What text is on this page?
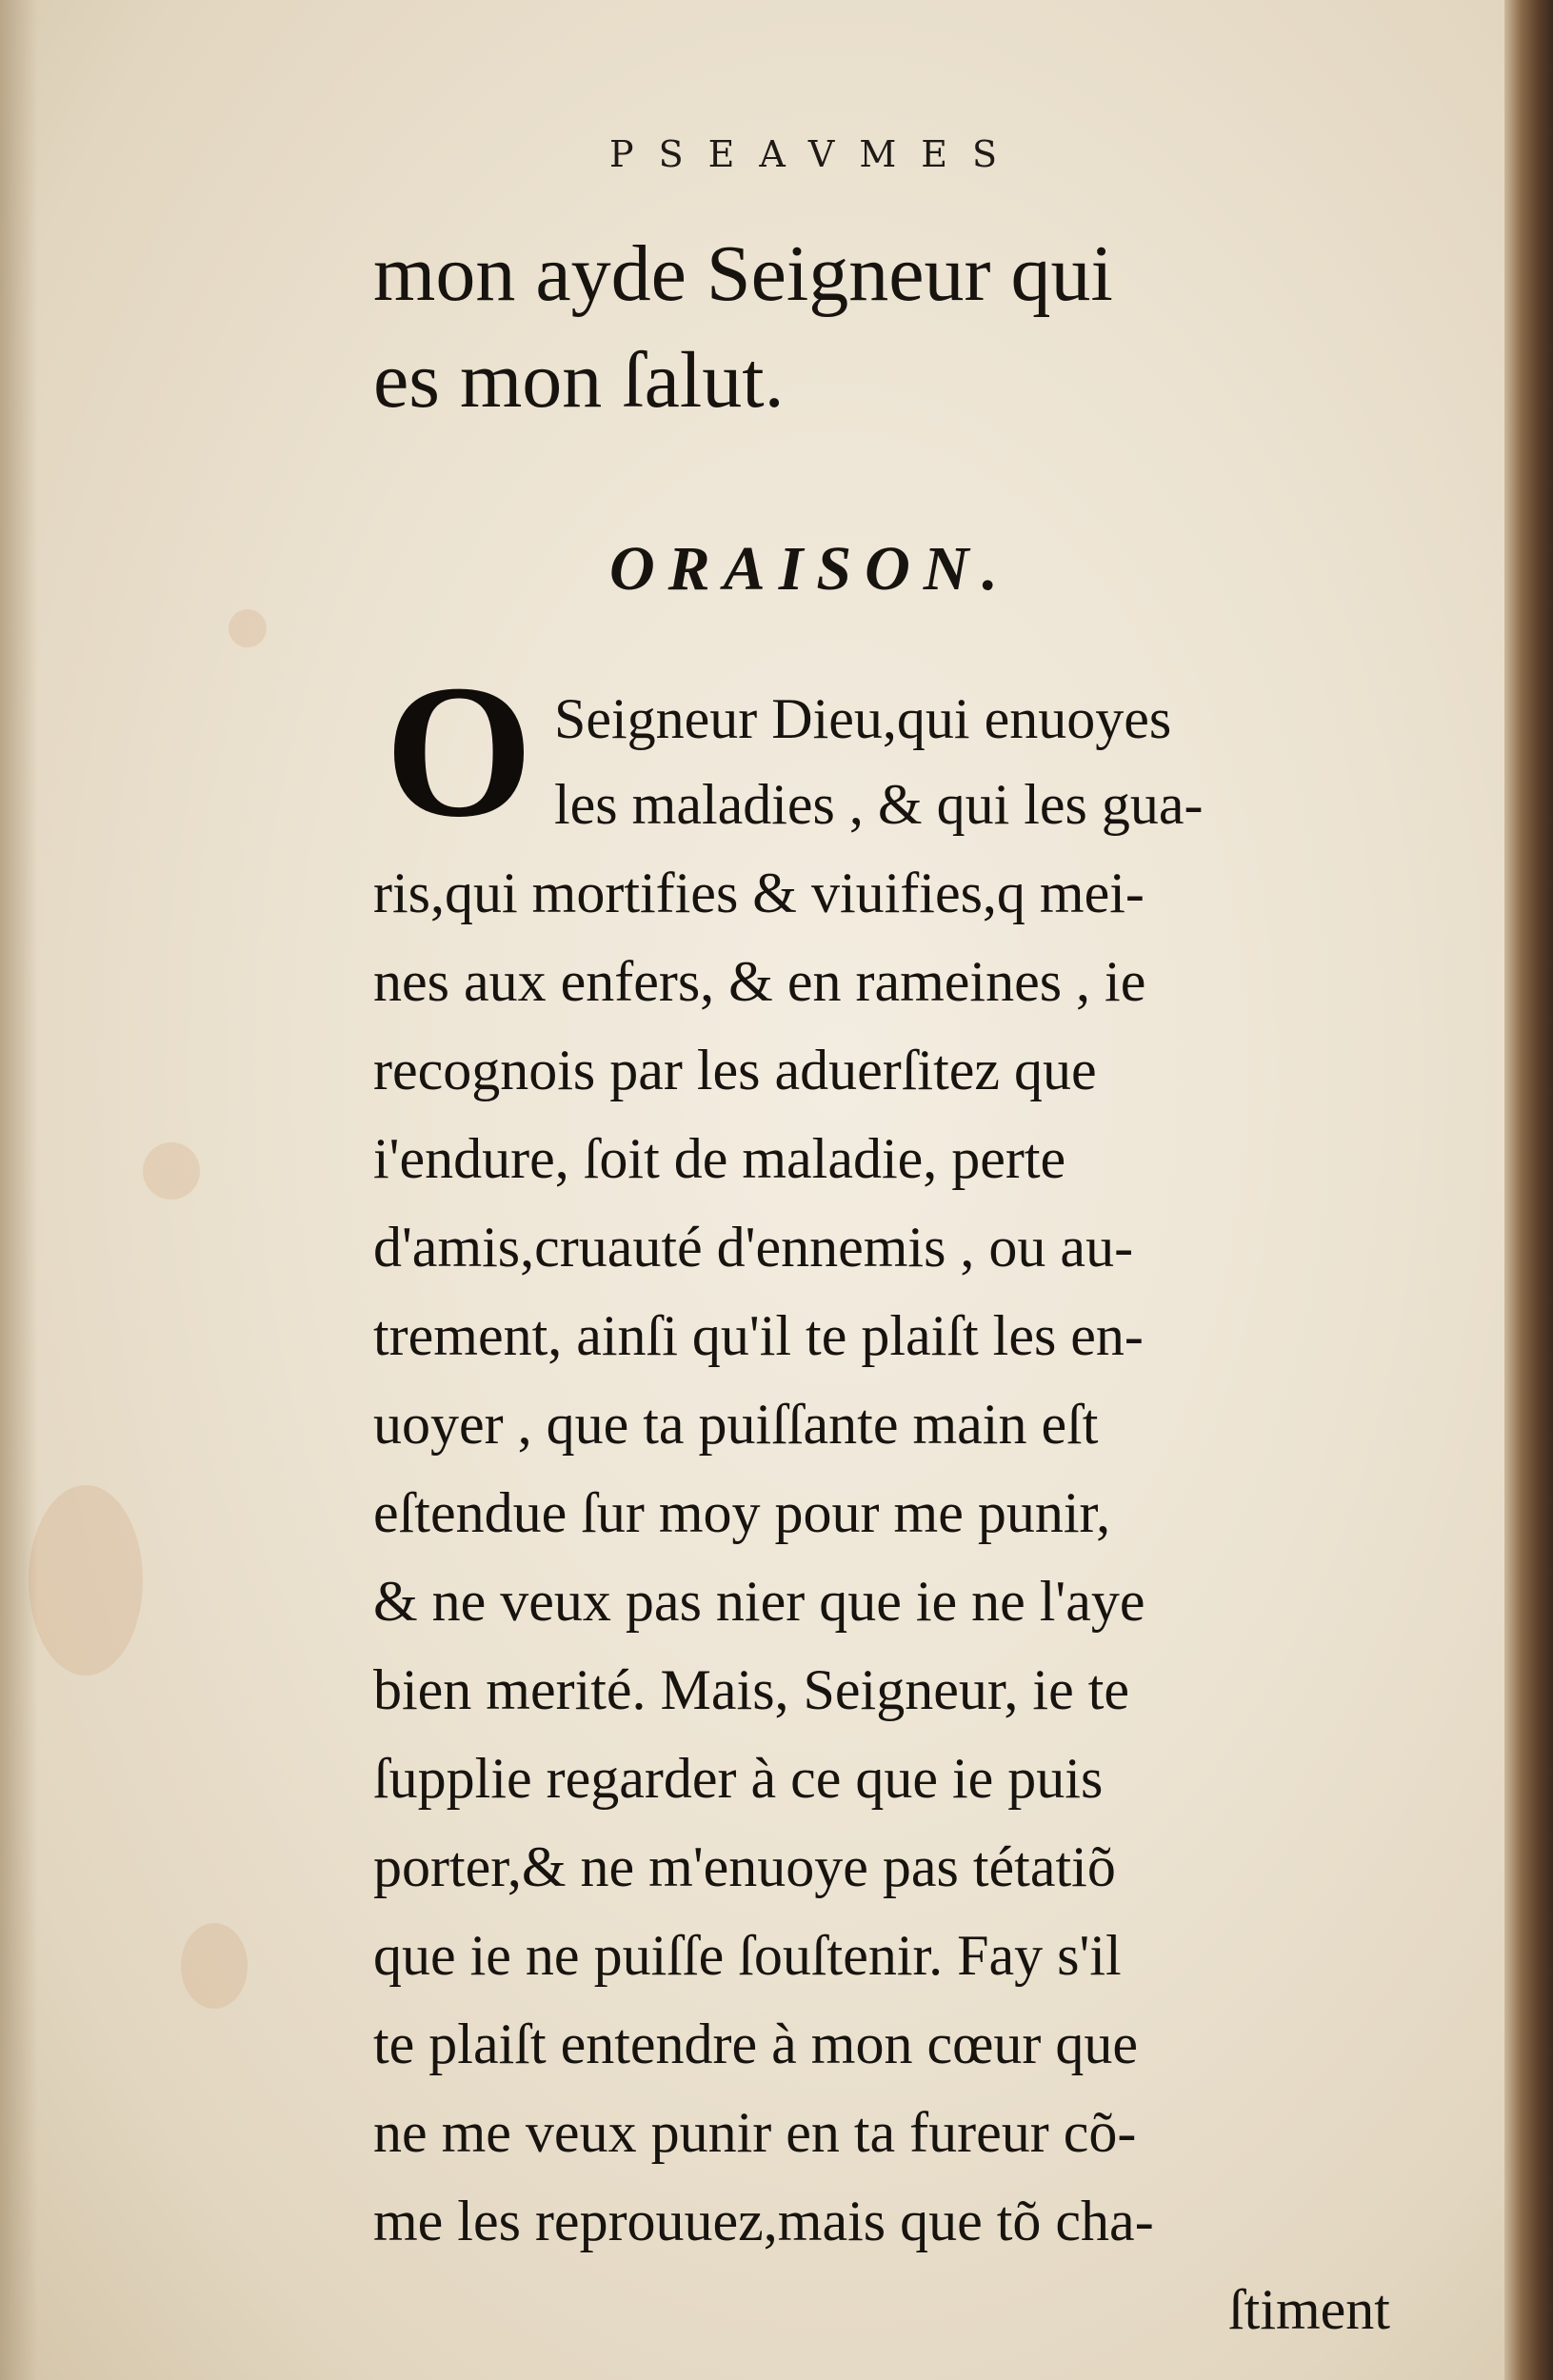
PSEAVMES
mon ayde Seigneur qui
es mon ſalut.
ORAISON.
O Seigneur Dieu,qui enuoyes
les maladies , & qui les gua-
ris,qui mortifies & viuifies,q mei-
nes aux enfers, & en rameines , ie
recognois par les aduerſitez que
i'endure, ſoit de maladie, perte
d'amis,cruauté d'ennemis , ou au-
trement, ainſi qu'il te plaiſt les en-
uoyer , que ta puiſſante main eſt
eſtendue ſur moy pour me punir,
& ne veux pas nier que ie ne l'aye
bien merité. Mais, Seigneur, ie te
ſupplie regarder à ce que ie puis
porter,& ne m'enuoye pas tétatiõ
que ie ne puiſſe ſouſtenir. Fay s'il
te plaiſt entendre à mon cœur que
ne me veux punir en ta fureur cõ-
me les reprouuez,mais que tõ cha-
ſtiment
